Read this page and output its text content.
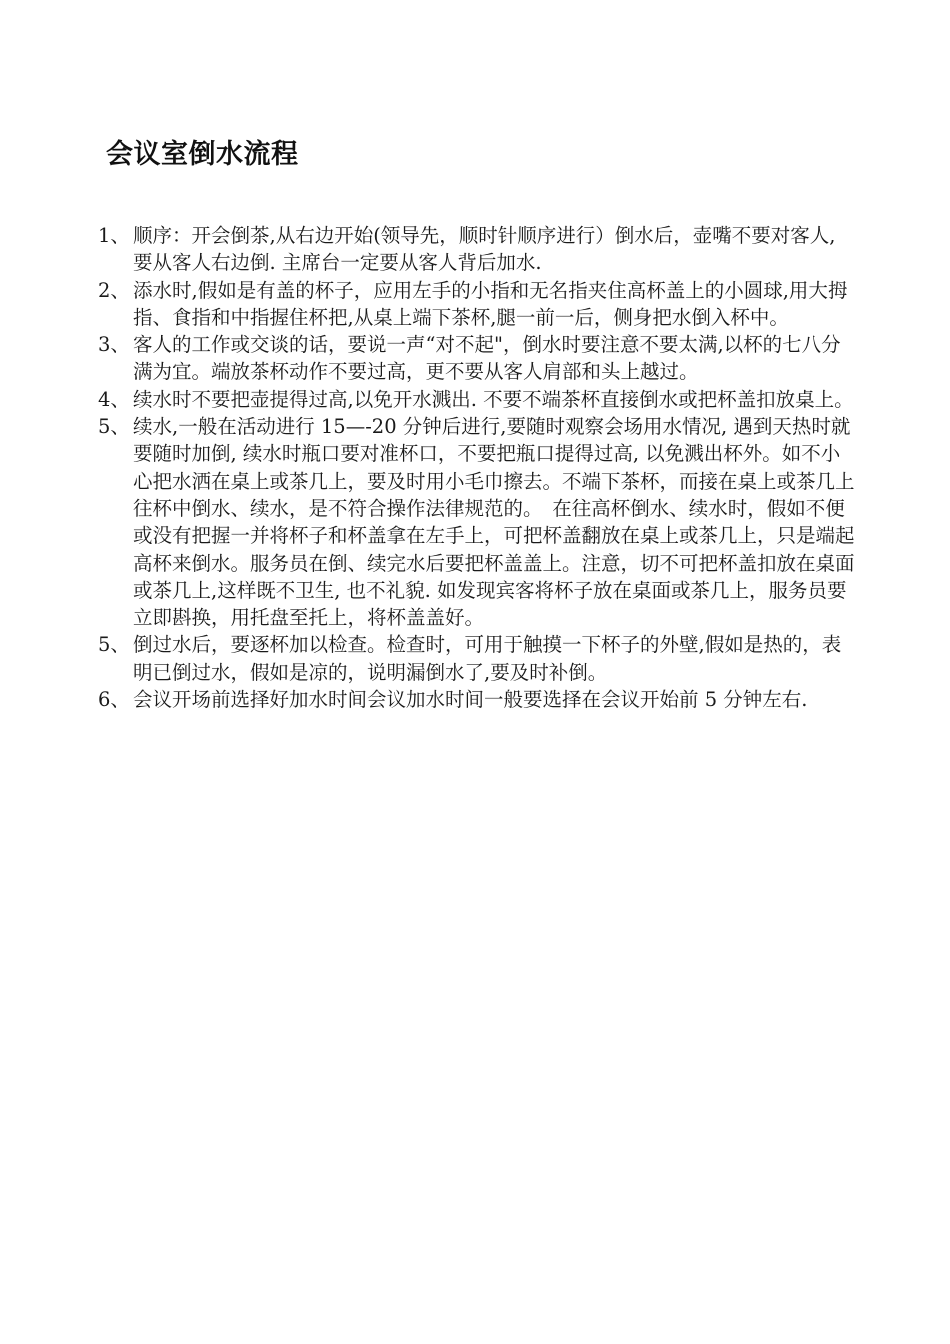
会议室倒水流程
1、 顺序：开会倒茶,从右边开始(领导先，顺时针顺序进行）倒水后，壶嘴不要对客人, 要从客人右边倒. 主席台一定要从客人背后加水.
2、 添水时,假如是有盖的杯子，应用左手的小指和无名指夹住高杯盖上的小圆球,用大拇指、食指和中指握住杯把,从桌上端下茶杯,腿一前一后，侧身把水倒入杯中。
3、 客人的工作或交谈的话，要说一声“对不起"，倒水时要注意不要太满,以杯的七八分满为宜。端放茶杯动作不要过高，更不要从客人肩部和头上越过。
4、 续水时不要把壶提得过高,以免开水溅出. 不要不端茶杯直接倒水或把杯盖扣放桌上。
5、 续水,一般在活动进行 15—-20 分钟后进行,要随时观察会场用水情况, 遇到天热时就要随时加倒, 续水时瓶口要对准杯口，不要把瓶口提得过高, 以免溅出杯外。如不小心把水洒在桌上或茶几上，要及时用小毛巾擦去。不端下茶杯，而接在桌上或茶几上往杯中倒水、续水，是不符合操作法律规范的。　在往高杯倒水、续水时，假如不便或没有把握一并将杯子和杯盖拿在左手上，可把杯盖翻放在桌上或茶几上，只是端起高杯来倒水。服务员在倒、续完水后要把杯盖盖上。注意，切不可把杯盖扣放在桌面或茶几上,这样既不卫生, 也不礼貌. 如发现宾客将杯子放在桌面或茶几上，服务员要立即斟换，用托盘至托上，将杯盖盖好。
5、 倒过水后，要逐杯加以检查。检查时，可用于触摸一下杯子的外壁,假如是热的，表明已倒过水，假如是凉的，说明漏倒水了,要及时补倒。
6、 会议开场前选择好加水时间会议加水时间一般要选择在会议开始前 5 分钟左右.
